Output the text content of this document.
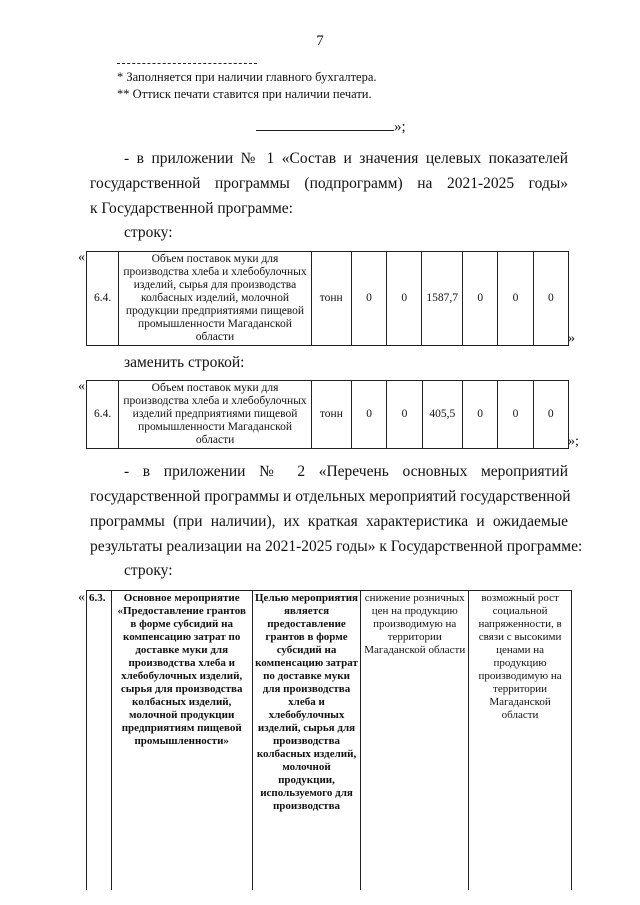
7
* Заполняется при наличии главного бухгалтера.
** Оттиск печати ставится при наличии печати.
»;
- в приложении № 1 «Состав и значения целевых показателей
государственной программы (подпрограмм) на 2021-2025 годы»
к Государственной программе:
строку:
«
6.4.	Объем поставок муки для производства хлеба и хлебобулочных изделий, сырья для производства колбасных изделий, молочной продукции предприятиями пищевой промышленности Магаданской области	тонн	0	0	1587,7	0	0	0
»
заменить строкой:
«
6.4.	Объем поставок муки для производства хлеба и хлебобулочных изделий предприятиями пищевой промышленности Магаданской области	тонн	0	0	405,5	0	0	0
»;
- в приложении № 2 «Перечень основных мероприятий
государственной программы и отдельных мероприятий государственной
программы (при наличии), их краткая характеристика и ожидаемые
результаты реализации на 2021-2025 годы» к Государственной программе:
строку:
« 6.3.	Основное мероприятие «Предоставление грантов в форме субсидий на компенсацию затрат по доставке муки для производства хлеба и хлебобулочных изделий, сырья для производства колбасных изделий, молочной продукции предприятиям пищевой промышленности»	Целью мероприятия является предоставление грантов в форме субсидий на компенсацию затрат по доставке муки для производства хлеба и хлебобулочных изделий, сырья для производства колбасных изделий, молочной продукции, используемого для производства	снижение розничных цен на продукцию производимую на территории Магаданской области	возможный рост социальной напряженности, в связи с высокими ценами на продукцию производимую на территории Магаданской области
